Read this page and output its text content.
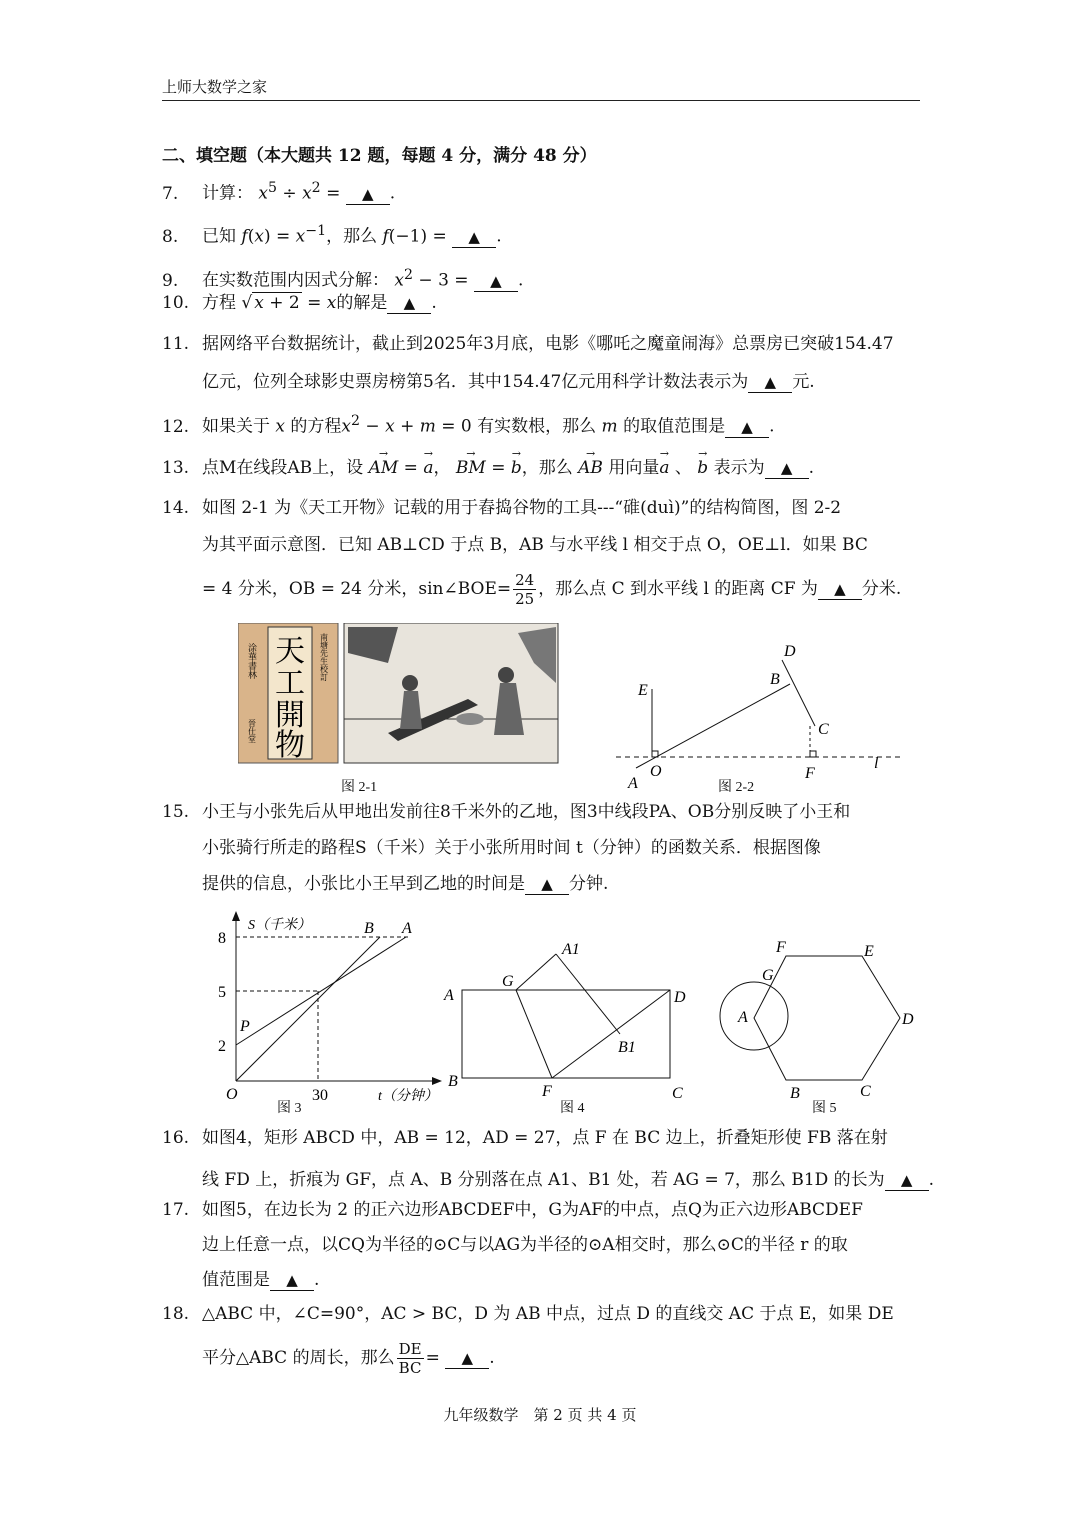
上师大数学之家
二、填空题（本大题共 12 题，每题 4 分，满分 48 分）
7. 计算： $x^5 \div x^2$ = ▲ .
8. 已知 $f(x) = x^{-1}$，那么 f(−1) = ▲ .
9. 在实数范围内因式分解： $x^2 - 3$ = ▲ .
10. 方程 √ x + 2 = x的解是 ▲ .
11. 据网络平台数据统计，截止到2025年3月底，电影《哪吒之魔童闹海》总票房已突破154.47
亿元，位列全球影史票房榜第5名．其中154.47亿元用科学计数法表示为 ▲ 元.
12. 如果关于 x 的方程$x^2 - x + m = 0$ 有实数根，那么 m 的取值范围是 ▲ .
13. 点M在线段AB上，设 AM → = a →， BM → = b →，那么 AB → 用向量a → 、 b → 表示为 ▲ .
14. 如图 2-1 为《天工开物》记载的用于舂捣谷物的工具---“碓(duì)”的结构简图，图 2-2
为其平面示意图．已知 AB⊥CD 于点 B，AB 与水平线 l 相交于点 O，OE⊥l．如果 BC
= 4 分米，OB = 24 分米，sin∠BOE= $\frac{24}{25}$ ，那么点 C 到水平线 l 的距离 CF 为 ▲ 分米.
天
工
開
物
涂華書林
晉仕堂
南塘先生校訂
图 2-1
D
B
E
C
A
O	F
l
图 2-2
15. 小王与小张先后从甲地出发前往8千米外的乙地，图3中线段PA、OB分别反映了小王和
小张骑行所走的路程S（千米）关于小张所用时间 t（分钟）的函数关系．根据图像
提供的信息，小张比小王早到乙地的时间是 ▲ 分钟.
S（千米）
8
5
2
30
O	t（分钟）
P
B A
图 3
A1
G
A	D
B1
B
F	C
图 4
F	E
G
A	D
B	C
图 5
16. 如图4，矩形 ABCD 中，AB = 12，AD = 27，点 F 在 BC 边上，折叠矩形使 FB 落在射
线 FD 上，折痕为 GF，点 A、B 分别落在点 A1、B1 处，若 AG = 7，那么 B1D 的长为 ▲ .
17. 如图5，在边长为 2 的正六边形ABCDEF中，G为AF的中点，点Q为正六边形ABCDEF
边上任意一点，以CQ为半径的⊙C与以AG为半径的⊙A相交时，那么⊙C的半径 r 的取
值范围是 ▲ .
18. △ABC 中，∠C=90°，AC > BC，D 为 AB 中点，过点 D 的直线交 AC 于点 E，如果 DE
平分△ABC 的周长，那么 $\frac{DE}{BC}$ = ▲ .
九年级数学　第 2 页 共 4 页
